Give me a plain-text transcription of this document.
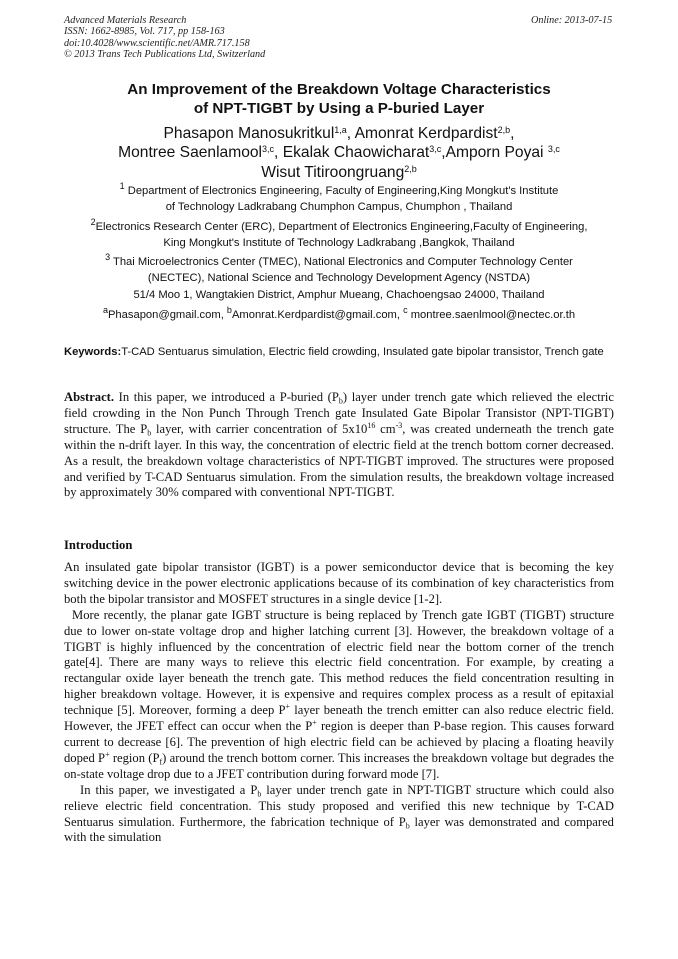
Advanced Materials Research
ISSN: 1662-8985, Vol. 717, pp 158-163
doi:10.4028/www.scientific.net/AMR.717.158
© 2013 Trans Tech Publications Ltd, Switzerland
Online: 2013-07-15
An Improvement of the Breakdown Voltage Characteristics
of NPT-TIGBT by Using a P-buried Layer
Phasapon Manosukritkul$^{1,a}$, Amonrat Kerdpardist$^{2,b}$,
Montree Saenlamool$^{3,c}$, Ekalak Chaowicharat$^{3,c}$,Amporn Poyai $^{3,c}$
Wisut Titiroongruang$^{2,b}$
$^1$ Department of Electronics Engineering, Faculty of Engineering,King Mongkut's Institute
of Technology Ladkrabang Chumphon Campus, Chumphon , Thailand
$^2$Electronics Research Center (ERC), Department of Electronics Engineering,Faculty of Engineering,
King Mongkut's Institute of Technology Ladkrabang ,Bangkok, Thailand
$^3$ Thai Microelectronics Center (TMEC), National Electronics and Computer Technology Center
(NECTEC), National Science and Technology Development Agency (NSTDA)
51/4 Moo 1, Wangtakien District, Amphur Mueang, Chachoengsao 24000, Thailand
$^a$Phasapon@gmail.com, $^b$Amonrat.Kerdpardist@gmail.com, $^c$ montree.saenlmool@nectec.or.th
Keywords:T-CAD Sentuarus simulation, Electric field crowding, Insulated gate bipolar transistor, Trench gate

Abstract. In this paper, we introduced a P-buried $(P_b)$ layer under trench gate which relieved the electric field crowding in the Non Punch Through Trench gate Insulated Gate Bipolar Transistor (NPT-TIGBT) structure. The $P_b$ layer, with carrier concentration of $5x10^{16}$ $cm^{-3}$, was created underneath the trench gate within the n-drift layer. In this way, the concentration of electric field at the trench bottom corner decreased. As a result, the breakdown voltage characteristics of NPT-TIGBT improved. The structures were proposed and verified by T-CAD Sentuarus simulation. From the simulation results, the breakdown voltage increased by approximately 30% compared with conventional NPT-TIGBT.

Introduction

An insulated gate bipolar transistor (IGBT) is a power semiconductor device that is becoming the key switching device in the power electronic applications because of its combination of key characteristics from both the bipolar transistor and MOSFET structures in a single device [1-2].

More recently, the planar gate IGBT structure is being replaced by Trench gate IGBT (TIGBT) structure due to lower on-state voltage drop and higher latching current [3]. However, the breakdown voltage of a TIGBT is highly influenced by the concentration of electric field near the bottom corner of the trench gate[4]. There are many ways to relieve this electric field concentration. For example, by creating a rectangular oxide layer beneath the trench gate. This method reduces the field concentration resulting in higher breakdown voltage. However, it is expensive and requires complex process as a result of epitaxial technique [5]. Moreover, forming a deep P+ layer beneath the trench emitter can also reduce electric field. However, the JFET effect can occur when the P+ region is deeper than P-base region. This causes forward current to decrease [6]. The prevention of high electric field can be achieved by placing a floating heavily doped P+ region $(P_f)$ around the trench bottom corner. This increases the breakdown voltage but degrades the on-state voltage drop due to a JFET contribution during forward mode [7].

In this paper, we investigated a $P_b$ layer under trench gate in NPT-TIGBT structure which could also relieve electric field concentration. This study proposed and verified this new technique by T-CAD Sentuarus simulation. Furthermore, the fabrication technique of $P_b$ layer was demonstrated and compared with the simulation
